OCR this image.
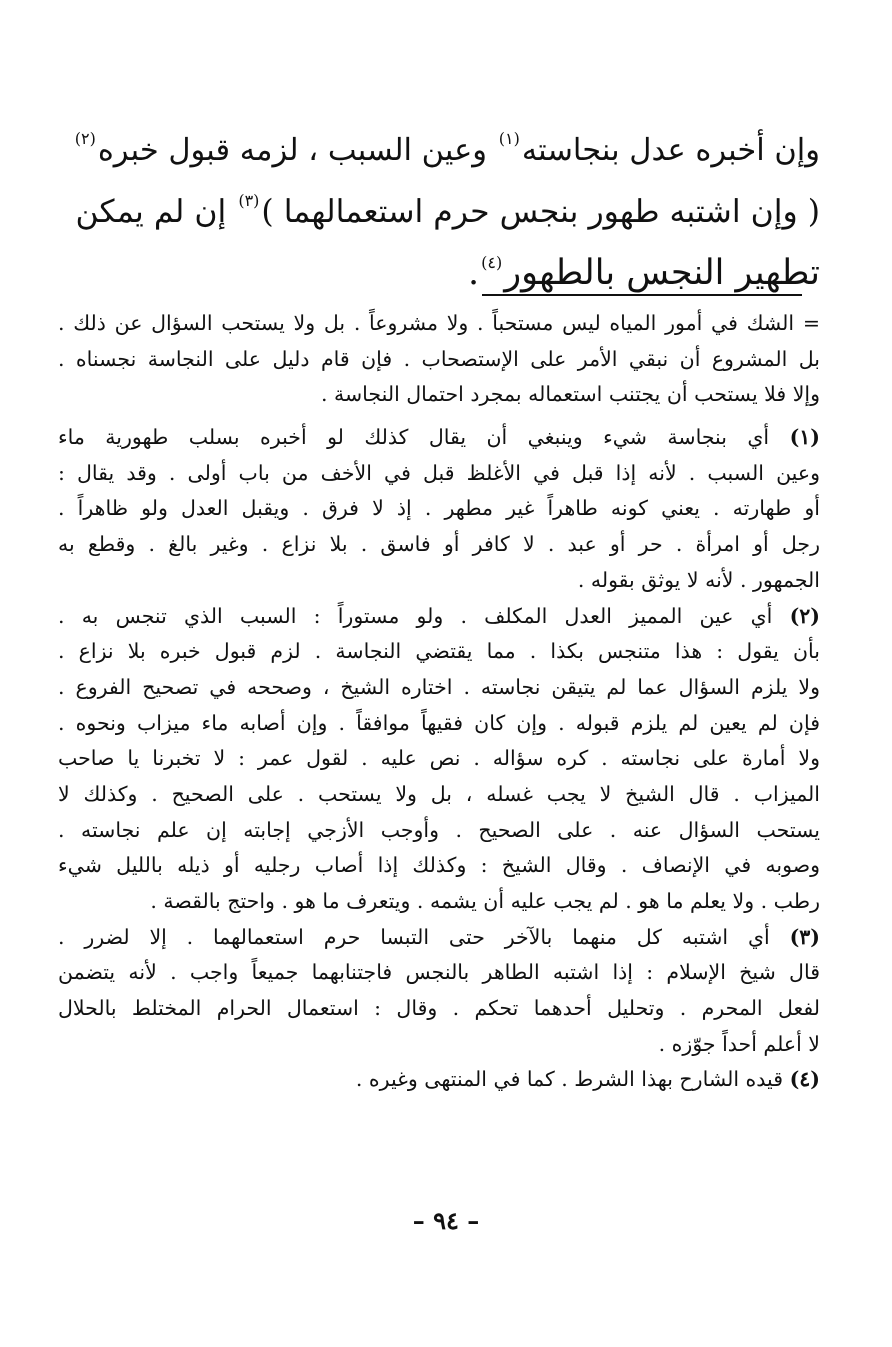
وإن أخبره عدل بنجاسته$^{(١)}$ وعين السبب ، لزمه قبول خبره$^{(٢)}$
( وإن اشتبه طهور بنجس حرم استعمالهما )$^{(٣)}$ إن لم يمكن
تطهير النجس بالطهور$^{(٤)}$.
= الشك في أمور المياه ليس مستحباً . ولا مشروعاً . بل ولا يستحب السؤال عن ذلك .
بل المشروع أن نبقي الأمر على الإستصحاب . فإن قام دليل على النجاسة نجسناه .
وإلا فلا يستحب أن يجتنب استعماله بمجرد احتمال النجاسة .
(١) أي بنجاسة شيء وينبغي أن يقال كذلك لو أخبره بسلب طهورية ماء
وعين السبب . لأنه إذا قبل في الأغلظ قبل في الأخف من باب أولى . وقد يقال :
أو طهارته . يعني كونه طاهراً غير مطهر . إذ لا فرق . ويقبل العدل ولو ظاهراً .
رجل أو امرأة . حر أو عبد . لا كافر أو فاسق . بلا نزاع . وغير بالغ . وقطع به
الجمهور . لأنه لا يوثق بقوله .
(٢) أي عين المميز العدل المكلف . ولو مستوراً : السبب الذي تنجس به .
بأن يقول : هذا متنجس بكذا . مما يقتضي النجاسة . لزم قبول خبره بلا نزاع .
ولا يلزم السؤال عما لم يتيقن نجاسته . اختاره الشيخ ، وصححه في تصحيح الفروع .
فإن لم يعين لم يلزم قبوله . وإن كان فقيهاً موافقاً . وإن أصابه ماء ميزاب ونحوه .
ولا أمارة على نجاسته . كره سؤاله . نص عليه . لقول عمر : لا تخبرنا يا صاحب
الميزاب . قال الشيخ لا يجب غسله ، بل ولا يستحب . على الصحيح . وكذلك لا
يستحب السؤال عنه . على الصحيح . وأوجب الأزجي إجابته إن علم نجاسته .
وصوبه في الإنصاف . وقال الشيخ : وكذلك إذا أصاب رجليه أو ذيله بالليل شيء
رطب . ولا يعلم ما هو . لم يجب عليه أن يشمه . ويتعرف ما هو . واحتج بالقصة .
(٣) أي اشتبه كل منهما بالآخر حتى التبسا حرم استعمالهما . إلا لضرر .
قال شيخ الإسلام : إذا اشتبه الطاهر بالنجس فاجتنابهما جميعاً واجب . لأنه يتضمن
لفعل المحرم . وتحليل أحدهما تحكم . وقال : استعمال الحرام المختلط بالحلال
لا أعلم أحداً جوّزه .
(٤) قيده الشارح بهذا الشرط . كما في المنتهى وغيره .
– ٩٤ –
